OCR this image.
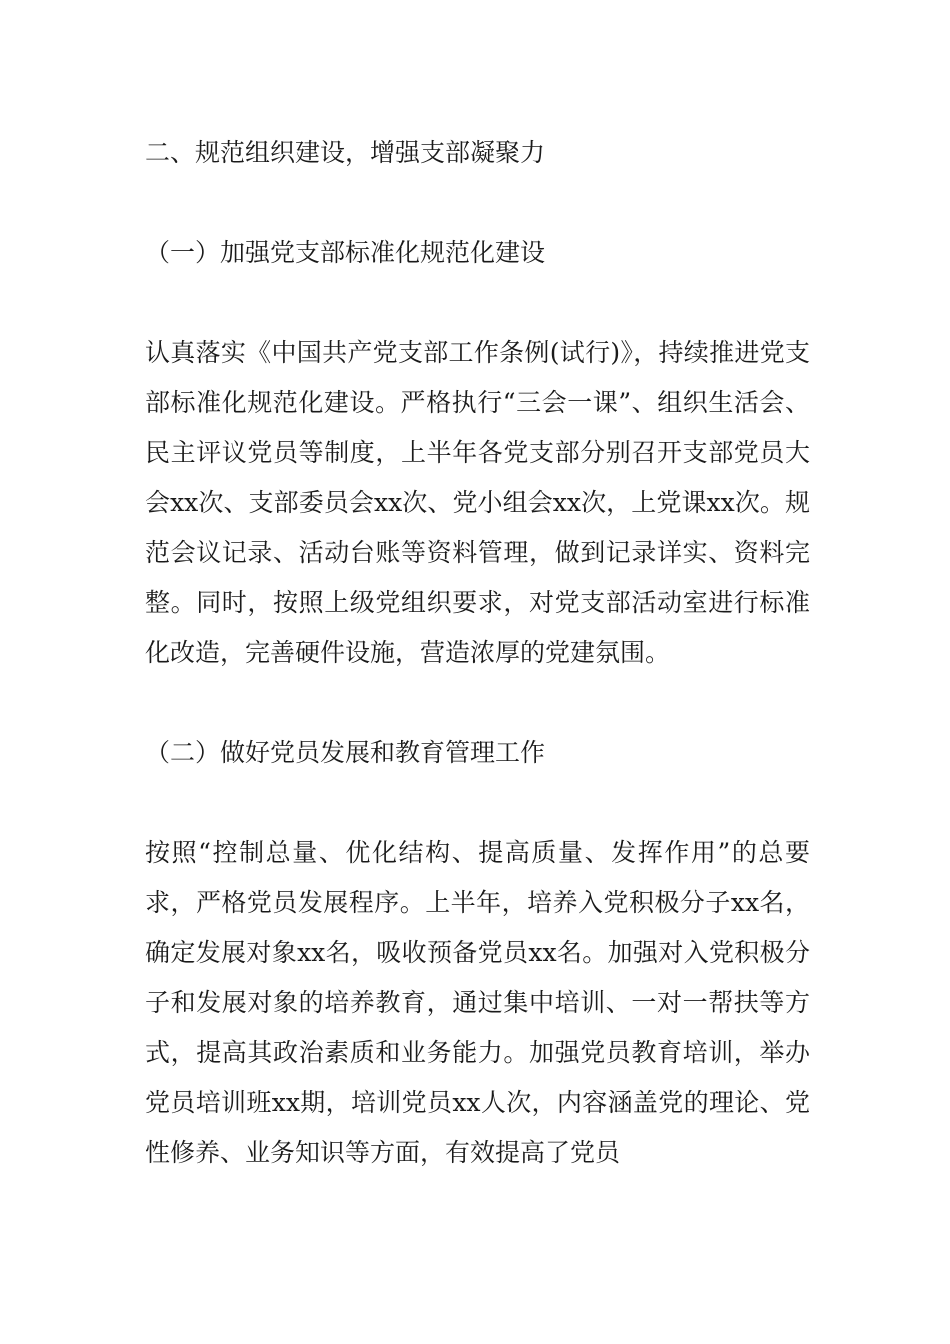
二、规范组织建设，增强支部凝聚力

（一）加强党支部标准化规范化建设

认真落实《中国共产党支部工作条例(试行)》，持续推进党支部标准化规范化建设。严格执行“三会一课”、组织生活会、民主评议党员等制度，上半年各党支部分别召开支部党员大会xx次、支部委员会xx次、党小组会xx次，上党课xx次。规范会议记录、活动台账等资料管理，做到记录详实、资料完整。同时，按照上级党组织要求，对党支部活动室进行标准化改造，完善硬件设施，营造浓厚的党建氛围。

（二）做好党员发展和教育管理工作

按照“控制总量、优化结构、提高质量、发挥作用”的总要求，严格党员发展程序。上半年，培养入党积极分子xx名，确定发展对象xx名，吸收预备党员xx名。加强对入党积极分子和发展对象的培养教育，通过集中培训、一对一帮扶等方式，提高其政治素质和业务能力。加强党员教育培训，举办党员培训班xx期，培训党员xx人次，内容涵盖党的理论、党性修养、业务知识等方面，有效提高了党员
